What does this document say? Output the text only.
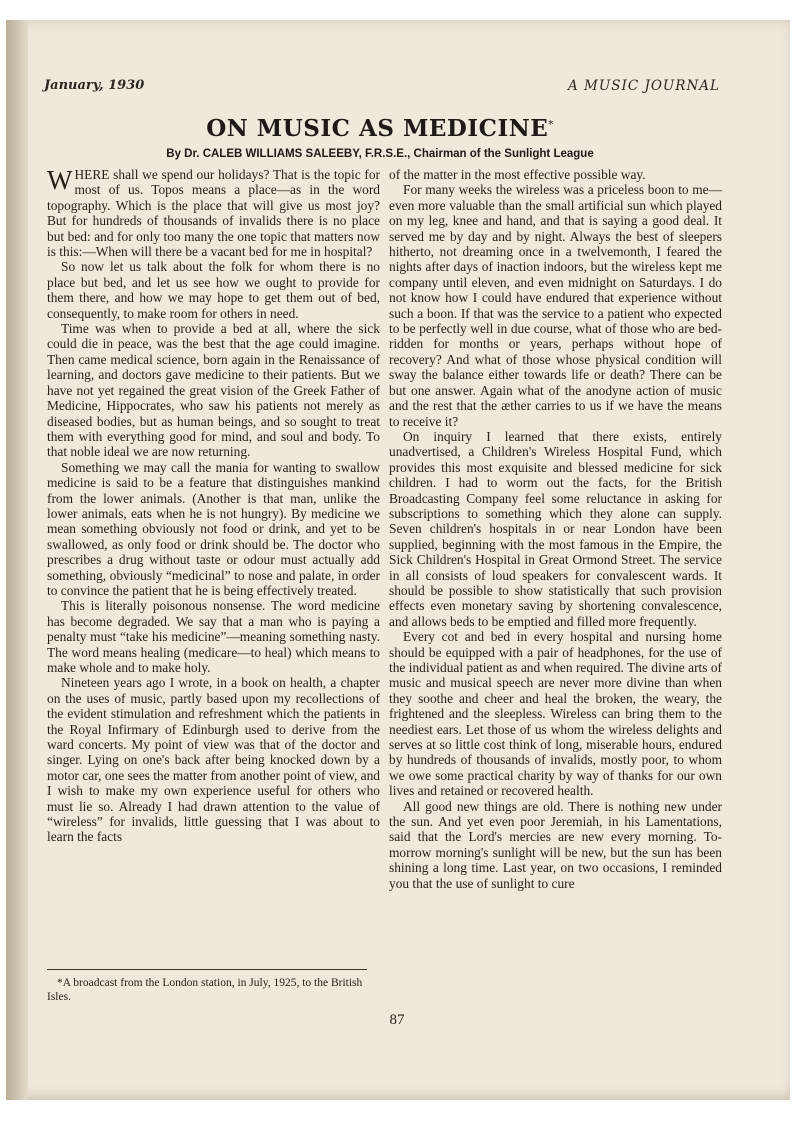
January, 1930	A MUSIC JOURNAL
ON MUSIC AS MEDICINE*
By Dr. CALEB WILLIAMS SALEEBY, F.R.S.E., Chairman of the Sunlight League

WHERE shall we spend our holidays? That is the topic for most of us. Topos means a place—as in the word topography. Which is the place that will give us most joy? But for hundreds of thousands of invalids there is no place but bed: and for only too many the one topic that matters now is this:—When will there be a vacant bed for me in hospital?

So now let us talk about the folk for whom there is no place but bed, and let us see how we ought to provide for them there, and how we may hope to get them out of bed, consequently, to make room for others in need.

Time was when to provide a bed at all, where the sick could die in peace, was the best that the age could imagine. Then came medical science, born again in the Renaissance of learning, and doctors gave medicine to their patients. But we have not yet regained the great vision of the Greek Father of Medicine, Hippocrates, who saw his patients not merely as diseased bodies, but as human beings, and so sought to treat them with everything good for mind, and soul and body. To that noble ideal we are now returning.

Something we may call the mania for wanting to swallow medicine is said to be a feature that distinguishes mankind from the lower animals. (Another is that man, unlike the lower animals, eats when he is not hungry). By medicine we mean something obviously not food or drink, and yet to be swallowed, as only food or drink should be. The doctor who prescribes a drug without taste or odour must actually add something, obviously “medicinal” to nose and palate, in order to convince the patient that he is being effectively treated.

This is literally poisonous nonsense. The word medicine has become degraded. We say that a man who is paying a penalty must “take his medicine”—meaning something nasty. The word means healing (medicare—to heal) which means to make whole and to make holy.

Nineteen years ago I wrote, in a book on health, a chapter on the uses of music, partly based upon my recollections of the evident stimulation and refreshment which the patients in the Royal Infirmary of Edinburgh used to derive from the ward concerts. My point of view was that of the doctor and singer. Lying on one's back after being knocked down by a motor car, one sees the matter from another point of view, and I wish to make my own experience useful for others who must lie so. Already I had drawn attention to the value of “wireless” for invalids, little guessing that I was about to learn the facts

of the matter in the most effective possible way.

For many weeks the wireless was a priceless boon to me—even more valuable than the small artificial sun which played on my leg, knee and hand, and that is saying a good deal. It served me by day and by night. Always the best of sleepers hitherto, not dreaming once in a twelvemonth, I feared the nights after days of inaction indoors, but the wireless kept me company until eleven, and even midnight on Saturdays. I do not know how I could have endured that experience without such a boon. If that was the service to a patient who expected to be perfectly well in due course, what of those who are bed-ridden for months or years, perhaps without hope of recovery? And what of those whose physical condition will sway the balance either towards life or death? There can be but one answer. Again what of the anodyne action of music and the rest that the æther carries to us if we have the means to receive it?

On inquiry I learned that there exists, entirely unadvertised, a Children's Wireless Hospital Fund, which provides this most exquisite and blessed medicine for sick children. I had to worm out the facts, for the British Broadcasting Company feel some reluctance in asking for subscriptions to something which they alone can supply. Seven children's hospitals in or near London have been supplied, beginning with the most famous in the Empire, the Sick Children's Hospital in Great Ormond Street. The service in all consists of loud speakers for convalescent wards. It should be possible to show statistically that such provision effects even monetary saving by shortening convalescence, and allows beds to be emptied and filled more frequently.

Every cot and bed in every hospital and nursing home should be equipped with a pair of headphones, for the use of the individual patient as and when required. The divine arts of music and musical speech are never more divine than when they soothe and cheer and heal the broken, the weary, the frightened and the sleepless. Wireless can bring them to the neediest ears. Let those of us whom the wireless delights and serves at so little cost think of long, miserable hours, endured by hundreds of thousands of invalids, mostly poor, to whom we owe some practical charity by way of thanks for our own lives and retained or recovered health.

All good new things are old. There is nothing new under the sun. And yet even poor Jeremiah, in his Lamentations, said that the Lord's mercies are new every morning. To-morrow morning's sunlight will be new, but the sun has been shining a long time. Last year, on two occasions, I reminded you that the use of sunlight to cure

*A broadcast from the London station, in July, 1925, to the British Isles.
87
